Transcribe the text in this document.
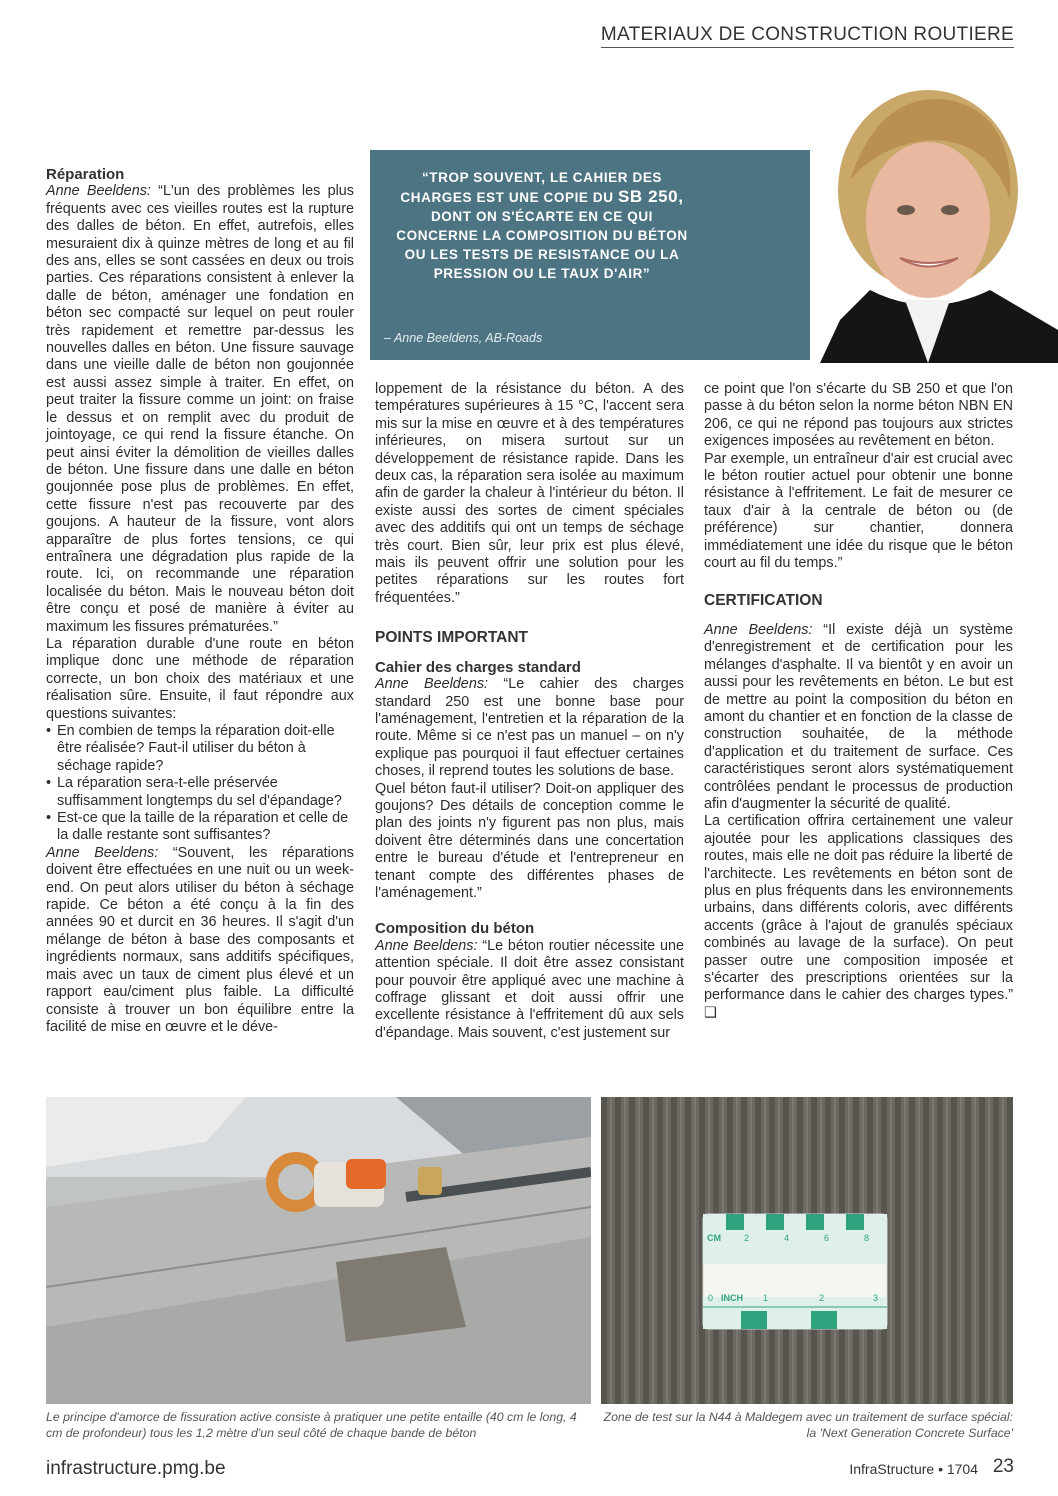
MATERIAUX DE CONSTRUCTION ROUTIERE
“TROP SOUVENT, LE CAHIER DES CHARGES EST UNE COPIE DU SB 250, DONT ON S'ÉCARTE EN CE QUI CONCERNE LA COMPOSITION DU BÉTON OU LES TESTS DE RESISTANCE OU LA PRESSION OU LE TAUX D'AIR”
– Anne Beeldens, AB-Roads

Réparation

Anne Beeldens: “L'un des problèmes les plus fréquents avec ces vieilles routes est la rupture des dalles de béton. En effet, autrefois, elles mesuraient dix à quinze mètres de long et au fil des ans, elles se sont cassées en deux ou trois parties. Ces réparations consistent à enlever la dalle de béton, aménager une fondation en béton sec compacté sur lequel on peut rouler très rapidement et remettre par-dessus les nouvelles dalles en béton. Une fissure sauvage dans une vieille dalle de béton non goujonnée est aussi assez simple à traiter. En effet, on peut traiter la fissure comme un joint: on fraise le dessus et on remplit avec du produit de jointoyage, ce qui rend la fissure étanche. On peut ainsi éviter la démolition de vieilles dalles de béton. Une fissure dans une dalle en béton goujonnée pose plus de problèmes. En effet, cette fissure n'est pas recouverte par des goujons. A hauteur de la fissure, vont alors apparaître de plus fortes tensions, ce qui entraînera une dégradation plus rapide de la route. Ici, on recommande une réparation localisée du béton. Mais le nouveau béton doit être conçu et posé de manière à éviter au maximum les fissures prématurées.”

La réparation durable d'une route en béton implique donc une méthode de réparation correcte, un bon choix des matériaux et une réalisation sûre. Ensuite, il faut répondre aux questions suivantes:

• En combien de temps la réparation doit-elle être réalisée? Faut-il utiliser du béton à séchage rapide?
• La réparation sera-t-elle préservée suffisamment longtemps du sel d'épandage?
• Est-ce que la taille de la réparation et celle de la dalle restante sont suffisantes?

Anne Beeldens: “Souvent, les réparations doivent être effectuées en une nuit ou un week-end. On peut alors utiliser du béton à séchage rapide. Ce béton a été conçu à la fin des années 90 et durcit en 36 heures. Il s'agit d'un mélange de béton à base des composants et ingrédients normaux, sans additifs spécifiques, mais avec un taux de ciment plus élevé et un rapport eau/ciment plus faible. La difficulté consiste à trouver un bon équilibre entre la facilité de mise en œuvre et le déve-

loppement de la résistance du béton. A des températures supérieures à 15 °C, l'accent sera mis sur la mise en œuvre et à des températures inférieures, on misera surtout sur un développement de résistance rapide. Dans les deux cas, la réparation sera isolée au maximum afin de garder la chaleur à l'intérieur du béton. Il existe aussi des sortes de ciment spéciales avec des additifs qui ont un temps de séchage très court. Bien sûr, leur prix est plus élevé, mais ils peuvent offrir une solution pour les petites réparations sur les routes fort fréquentées.”

POINTS IMPORTANT

Cahier des charges standard

Anne Beeldens: “Le cahier des charges standard 250 est une bonne base pour l'aménagement, l'entretien et la réparation de la route. Même si ce n'est pas un manuel – on n'y explique pas pourquoi il faut effectuer certaines choses, il reprend toutes les solutions de base.

Quel béton faut-il utiliser? Doit-on appliquer des goujons? Des détails de conception comme le plan des joints n'y figurent pas non plus, mais doivent être déterminés dans une concertation entre le bureau d'étude et l'entrepreneur en tenant compte des différentes phases de l'aménagement.”

Composition du béton

Anne Beeldens: “Le béton routier nécessite une attention spéciale. Il doit être assez consistant pour pouvoir être appliqué avec une machine à coffrage glissant et doit aussi offrir une excellente résistance à l'effritement dû aux sels d'épandage. Mais souvent, c'est justement sur

ce point que l'on s'écarte du SB 250 et que l'on passe à du béton selon la norme béton NBN EN 206, ce qui ne répond pas toujours aux strictes exigences imposées au revêtement en béton.

Par exemple, un entraîneur d'air est crucial avec le béton routier actuel pour obtenir une bonne résistance à l'effritement. Le fait de mesurer ce taux d'air à la centrale de béton ou (de préférence) sur chantier, donnera immédiatement une idée du risque que le béton court au fil du temps.”

CERTIFICATION

Anne Beeldens: “Il existe déjà un système d'enregistrement et de certification pour les mélanges d'asphalte. Il va bientôt y en avoir un aussi pour les revêtements en béton. Le but est de mettre au point la composition du béton en amont du chantier et en fonction de la classe de construction souhaitée, de la méthode d'application et du traitement de surface. Ces caractéristiques seront alors systématiquement contrôlées pendant le processus de production afin d'augmenter la sécurité de qualité.

La certification offrira certainement une valeur ajoutée pour les applications classiques des routes, mais elle ne doit pas réduire la liberté de l'architecte. Les revêtements en béton sont de plus en plus fréquents dans les environnements urbains, dans différents coloris, avec différents accents (grâce à l'ajout de granulés spéciaux combinés au lavage de la surface). On peut passer outre une composition imposée et s'écarter des prescriptions orientées sur la performance dans le cahier des charges types.” ❑

Le principe d'amorce de fissuration active consiste à pratiquer une petite entaille (40 cm le long, 4 cm de profondeur) tous les 1,2 mètre d'un seul côté de chaque bande de béton
CM	2	4	6	8
0 INCH 1	2	3
Zone de test sur la N44 à Maldegem avec un traitement de surface spécial: la 'Next Generation Concrete Surface'
infrastructure.pmg.be	InfraStructure • 1704 23
